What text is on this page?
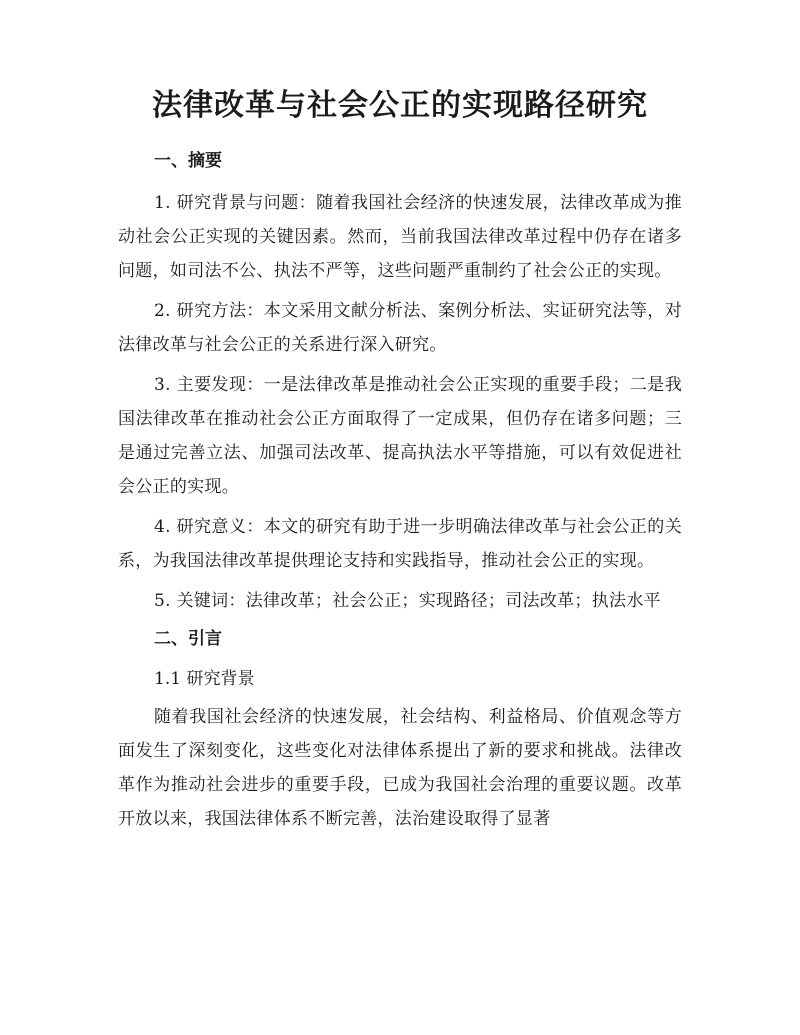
法律改革与社会公正的实现路径研究
一、摘要

1. 研究背景与问题：随着我国社会经济的快速发展，法律改革成为推动社会公正实现的关键因素。然而，当前我国法律改革过程中仍存在诸多问题，如司法不公、执法不严等，这些问题严重制约了社会公正的实现。

2. 研究方法：本文采用文献分析法、案例分析法、实证研究法等，对法律改革与社会公正的关系进行深入研究。

3. 主要发现：一是法律改革是推动社会公正实现的重要手段；二是我国法律改革在推动社会公正方面取得了一定成果，但仍存在诸多问题；三是通过完善立法、加强司法改革、提高执法水平等措施，可以有效促进社会公正的实现。

4. 研究意义：本文的研究有助于进一步明确法律改革与社会公正的关系，为我国法律改革提供理论支持和实践指导，推动社会公正的实现。

5. 关键词：法律改革；社会公正；实现路径；司法改革；执法水平

二、引言
1.1 研究背景

随着我国社会经济的快速发展，社会结构、利益格局、价值观念等方面发生了深刻变化，这些变化对法律体系提出了新的要求和挑战。法律改革作为推动社会进步的重要手段，已成为我国社会治理的重要议题。改革开放以来，我国法律体系不断完善，法治建设取得了显著
